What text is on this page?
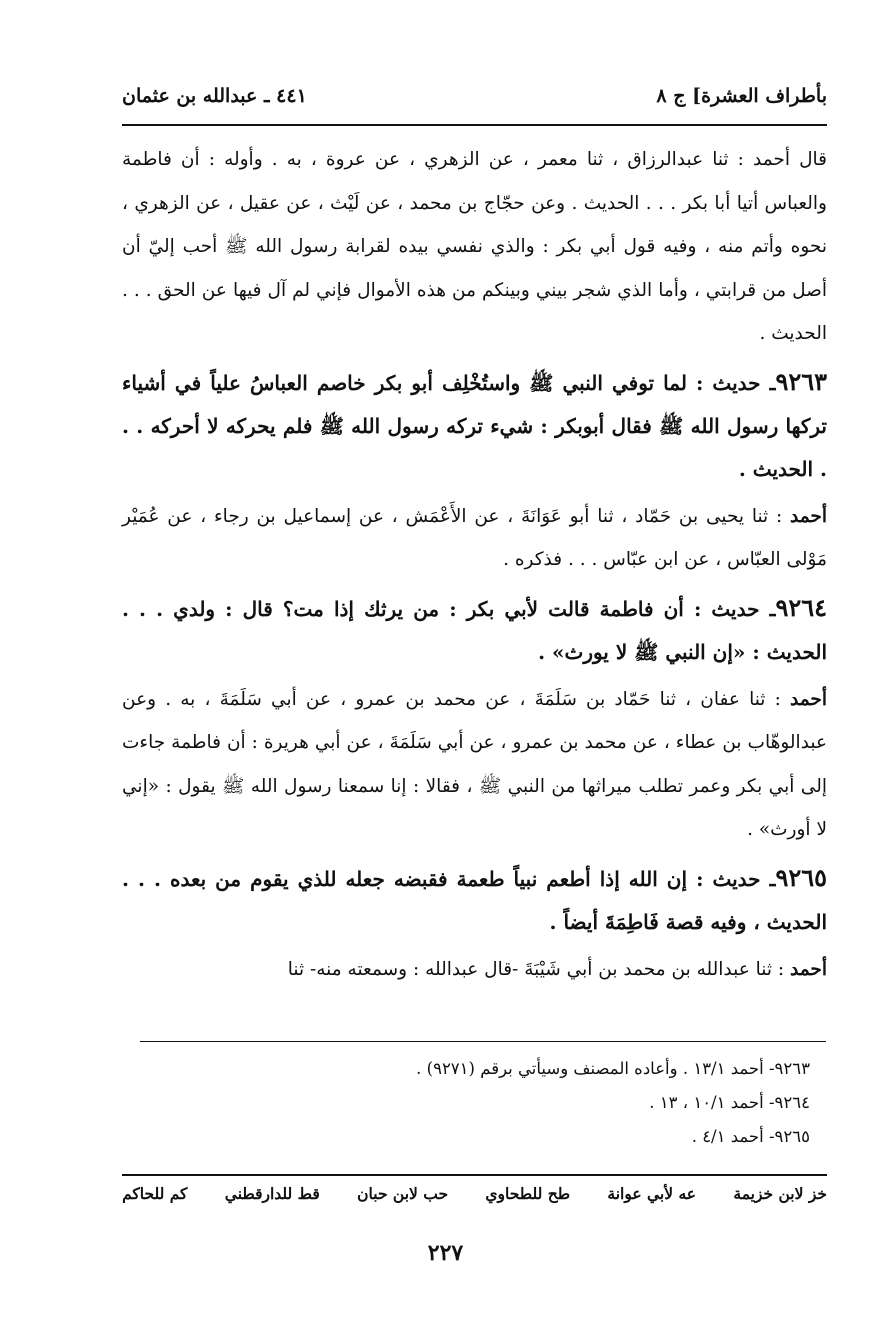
بأطراف العشرة] ج ٨
٤٤١ ـ عبدالله بن عثمان

قال أحمد : ثنا عبدالرزاق ، ثنا معمر ، عن الزهري ، عن عروة ، به . وأوله : أن فاطمة والعباس أتيا أبا بكر . . . الحديث . وعن حجّاج بن محمد ، عن لَيْث ، عن عقيل ، عن الزهري ، نحوه وأتم منه ، وفيه قول أبي بكر : والذي نفسي بيده لقرابة رسول الله ﷺ أحب إليّ أن أصل من قرابتي ، وأما الذي شجر بيني وبينكم من هذه الأموال فإني لم آل فيها عن الحق . . . الحديث .

٩٢٦٣ـ حديث : لما توفي النبي ﷺ واستُخْلِف أبو بكر خاصم العباسُ علياً في أشياء تركها رسول الله ﷺ فقال أبوبكر : شيء تركه رسول الله ﷺ فلم يحركه لا أحركه . . . الحديث .

أحمد : ثنا يحيى بن حَمّاد ، ثنا أبو عَوَانَةَ ، عن الأَعْمَش ، عن إسماعيل بن رجاء ، عن عُمَيْر مَوْلى العبّاس ، عن ابن عبّاس . . . فذكره .

٩٢٦٤ـ حديث : أن فاطمة قالت لأبي بكر : من يرثك إذا مت؟ قال : ولدي . . . الحديث : «إن النبي ﷺ لا يورث» .

أحمد : ثنا عفان ، ثنا حَمّاد بن سَلَمَةَ ، عن محمد بن عمرو ، عن أبي سَلَمَةَ ، به . وعن عبدالوهّاب بن عطاء ، عن محمد بن عمرو ، عن أبي سَلَمَةَ ، عن أبي هريرة : أن فاطمة جاءت إلى أبي بكر وعمر تطلب ميراثها من النبي ﷺ ، فقالا : إنا سمعنا رسول الله ﷺ يقول : «إني لا أورث» .

٩٢٦٥ـ حديث : إن الله إذا أطعم نبياً طعمة فقبضه جعله للذي يقوم من بعده . . . الحديث ، وفيه قصة فَاطِمَةَ أيضاً .

أحمد : ثنا عبدالله بن محمد بن أبي شَيْبَةَ -قال عبدالله : وسمعته منه- ثنا

٩٢٦٣- أحمد ١٣/١ . وأعاده المصنف وسيأتي برقم (٩٢٧١) .
٩٢٦٤- أحمد ١٠/١ ، ١٣ .
٩٢٦٥- أحمد ٤/١ .
خز لابن خزيمة
عه لأبي عوانة
طح للطحاوي
حب لابن حبان
قط للدارقطني
كم للحاكم
٢٢٧
